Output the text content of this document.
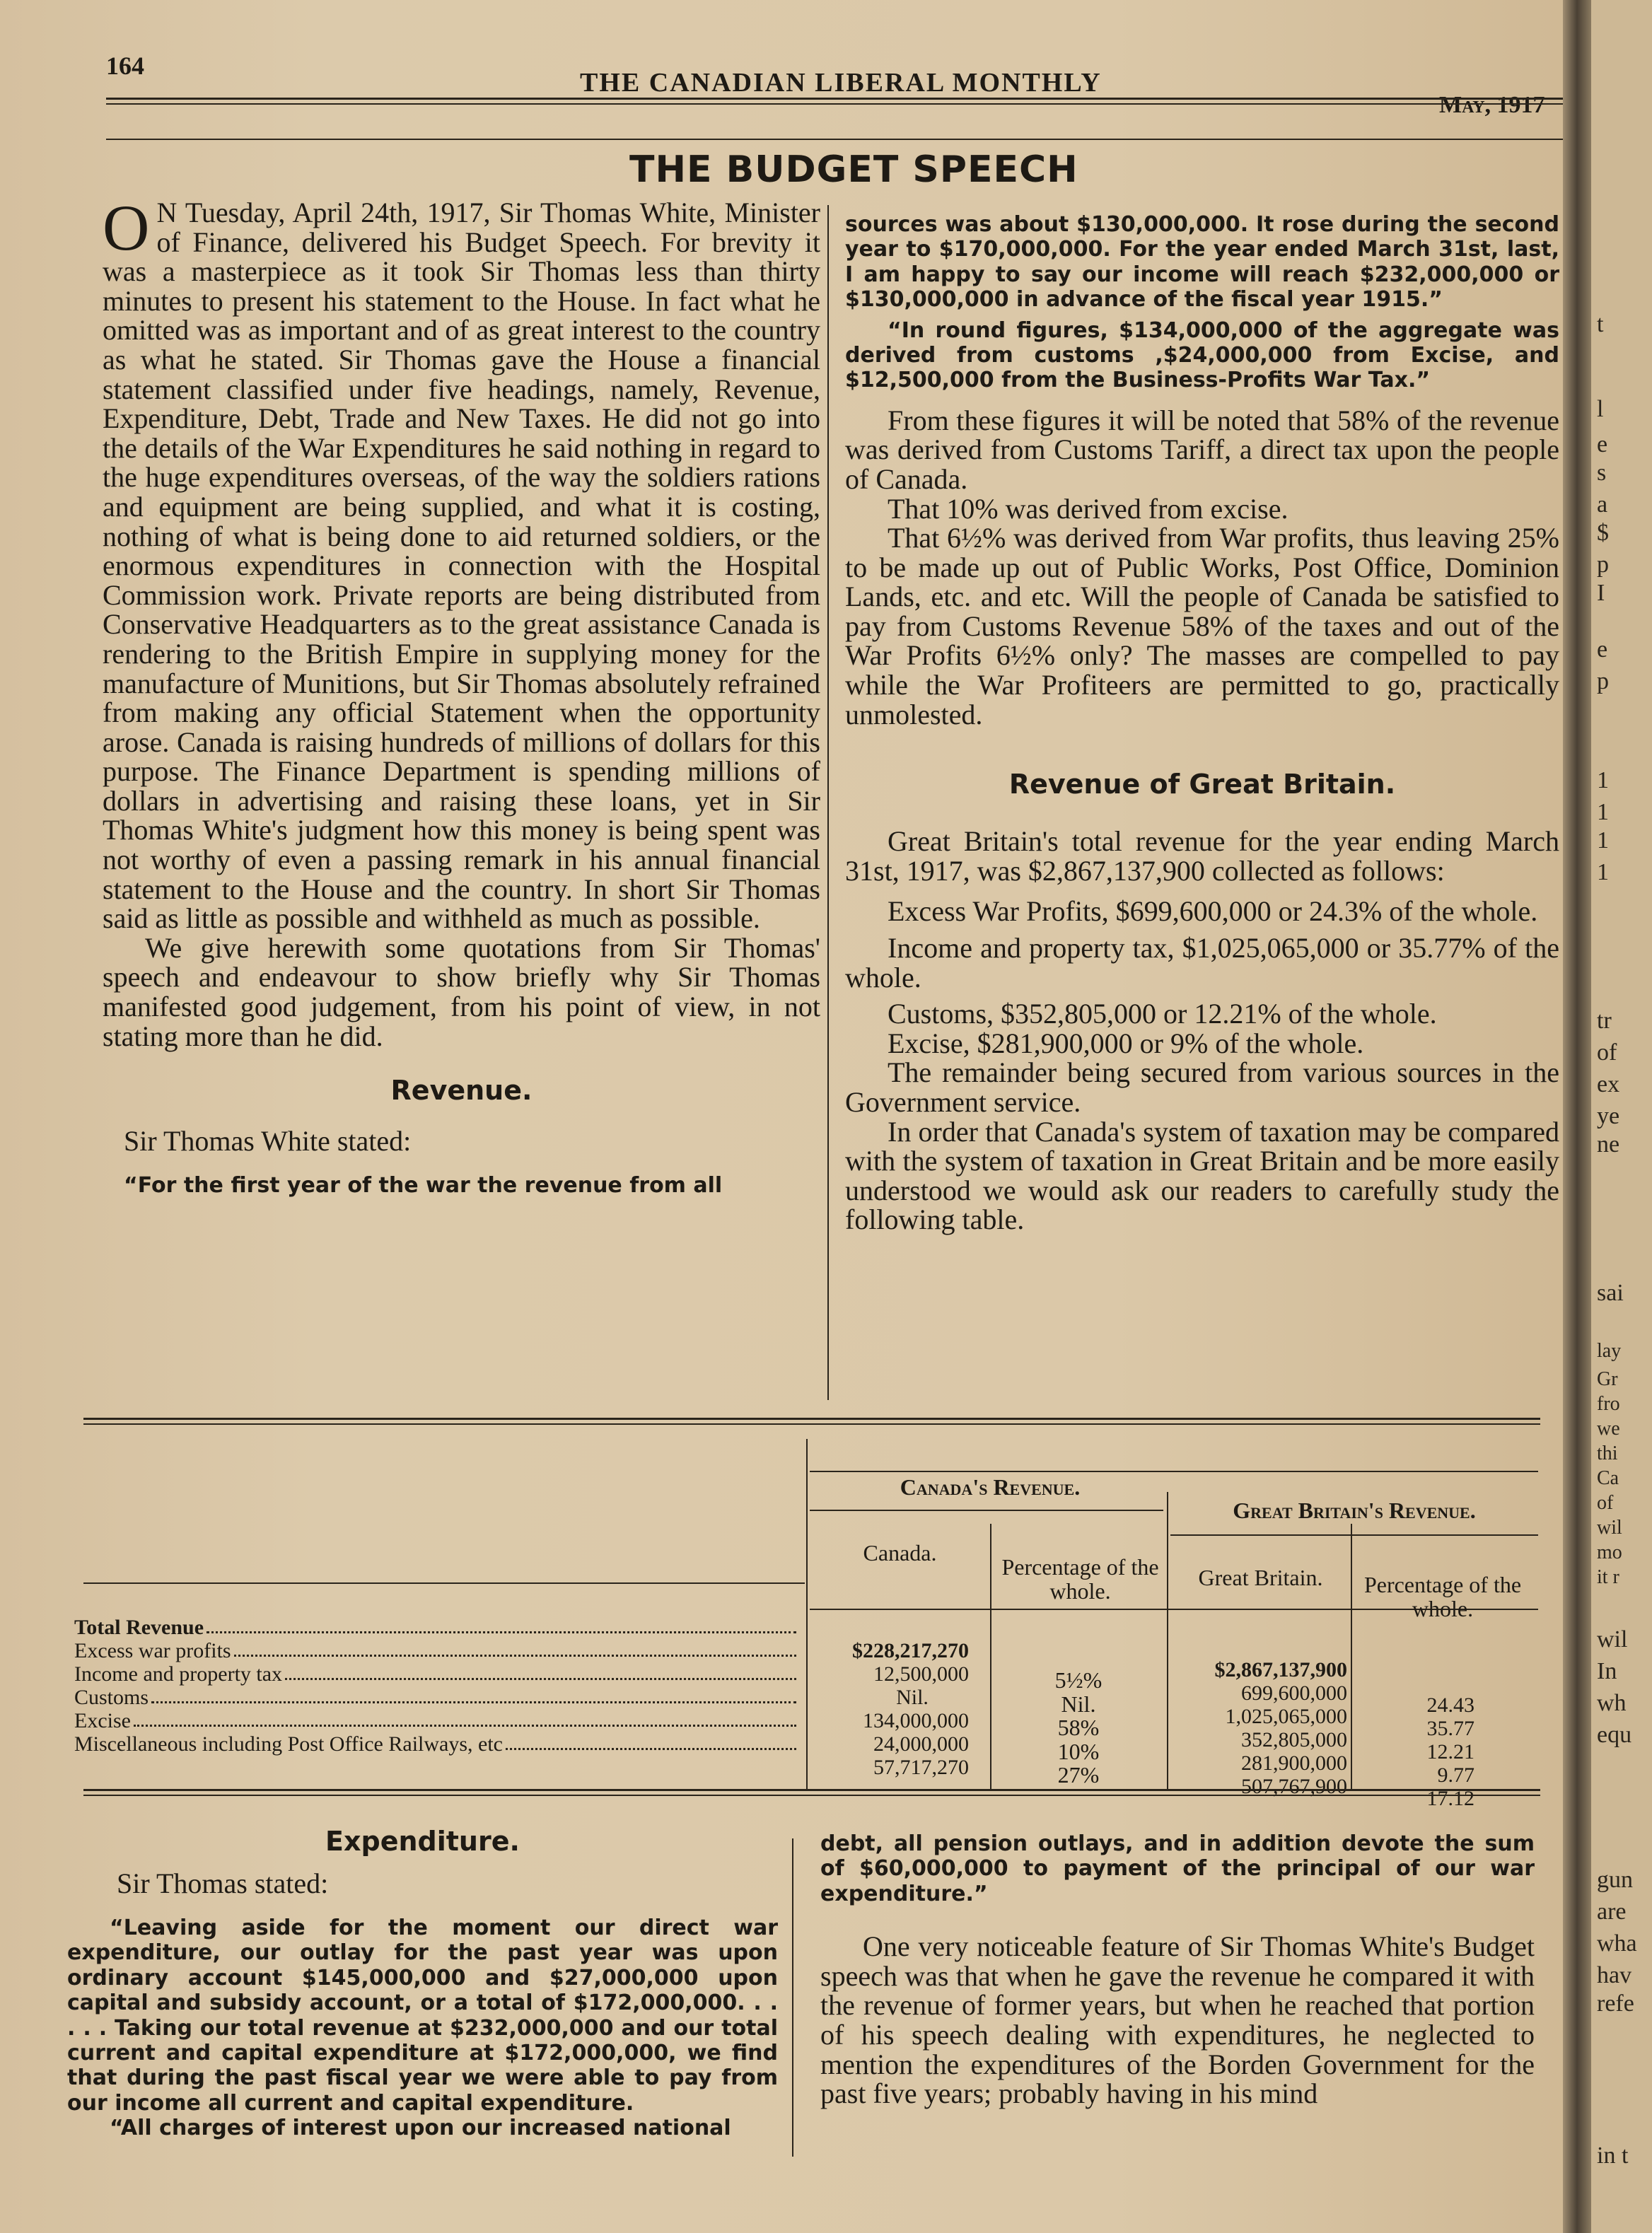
164
THE CANADIAN LIBERAL MONTHLY
May, 1917
THE BUDGET SPEECH

O N Tuesday, April 24th, 1917, Sir Thomas White, Minister of Finance, delivered his Budget Speech. For brevity it was a masterpiece as it took Sir Thomas less than thirty minutes to present his statement to the House. In fact what he omitted was as important and of as great interest to the country as what he stated. Sir Thomas gave the House a financial statement classified under five headings, namely, Revenue, Expenditure, Debt, Trade and New Taxes. He did not go into the details of the War Expenditures he said nothing in regard to the huge expenditures overseas, of the way the soldiers rations and equipment are being supplied, and what it is costing, nothing of what is being done to aid returned soldiers, or the enormous expenditures in connection with the Hospital Commission work. Private reports are being distributed from Conservative Headquarters as to the great assistance Canada is rendering to the British Empire in supplying money for the manufacture of Munitions, but Sir Thomas absolutely refrained from making any official Statement when the opportunity arose. Canada is raising hundreds of millions of dollars for this purpose. The Finance Department is spending millions of dollars in advertising and raising these loans, yet in Sir Thomas White's judgment how this money is being spent was not worthy of even a passing remark in his annual financial statement to the House and the country. In short Sir Thomas said as little as possible and withheld as much as possible.

We give herewith some quotations from Sir Thomas' speech and endeavour to show briefly why Sir Thomas manifested good judgement, from his point of view, in not stating more than he did.

Revenue.
Sir Thomas White stated:

“For the first year of the war the revenue from all

sources was about $130,000,000. It rose during the second year to $170,000,000. For the year ended March 31st, last, I am happy to say our income will reach $232,000,000 or $130,000,000 in advance of the fiscal year 1915.”

“In round figures, $134,000,000 of the aggregate was derived from customs ,$24,000,000 from Excise, and $12,500,000 from the Business-Profits War Tax.”

From these figures it will be noted that 58% of the revenue was derived from Customs Tariff, a direct tax upon the people of Canada.

That 10% was derived from excise.

That 6½% was derived from War profits, thus leaving 25% to be made up out of Public Works, Post Office, Dominion Lands, etc. and etc. Will the people of Canada be satisfied to pay from Customs Revenue 58% of the taxes and out of the War Profits 6½% only? The masses are compelled to pay while the War Profiteers are permitted to go, practically unmolested.

Revenue of Great Britain.

Great Britain's total revenue for the year ending March 31st, 1917, was $2,867,137,900 collected as follows:

Excess War Profits, $699,600,000 or 24.3% of the whole.

Income and property tax, $1,025,065,000 or 35.77% of the whole.

Customs, $352,805,000 or 12.21% of the whole.

Excise, $281,900,000 or 9% of the whole.

The remainder being secured from various sources in the Government service.

In order that Canada's system of taxation may be compared with the system of taxation in Great Britain and be more easily understood we would ask our readers to carefully study the following table.

Canada's Revenue.
Great Britain's Revenue.
Canada.
Percentage of the whole.
Great Britain.	Percentage of the whole.
Total Revenue
Excess war profits
Income and property tax
Customs
Excise
Miscellaneous including Post Office Railways, etc
$228,217,270
12,500,000
Nil.
134,000,000
24,000,000
57,717,270
5½%
Nil.
58%
10%
27%
$2,867,137,900
699,600,000
1,025,065,000
352,805,000
281,900,000
507,767,900
24.43
35.77
12.21
9.77
17.12
Expenditure.
Sir Thomas stated:

“Leaving aside for the moment our direct war expenditure, our outlay for the past year was upon ordinary account $145,000,000 and $27,000,000 upon capital and subsidy account, or a total of $172,000,000. . . . . . Taking our total revenue at $232,000,000 and our total current and capital expenditure at $172,000,000, we find that during the past fiscal year we were able to pay from our income all current and capital expenditure.

“All charges of interest upon our increased national

debt, all pension outlays, and in addition devote the sum of $60,000,000 to payment of the principal of our war expenditure.”

One very noticeable feature of Sir Thomas White's Budget speech was that when he gave the revenue he compared it with the revenue of former years, but when he reached that portion of his speech dealing with expenditures, he neglected to mention the expenditures of the Borden Government for the past five years; probably having in his mind

t
l
e
s
a
$
p
I
e
p
1
1
1
1
tr
of
ex
ye
ne
sai
lay
Gr
fro
we
thi
Ca
of
wil
mo
it r
wil
In
wh
equ
gun
are
wha
hav
refe
in t
